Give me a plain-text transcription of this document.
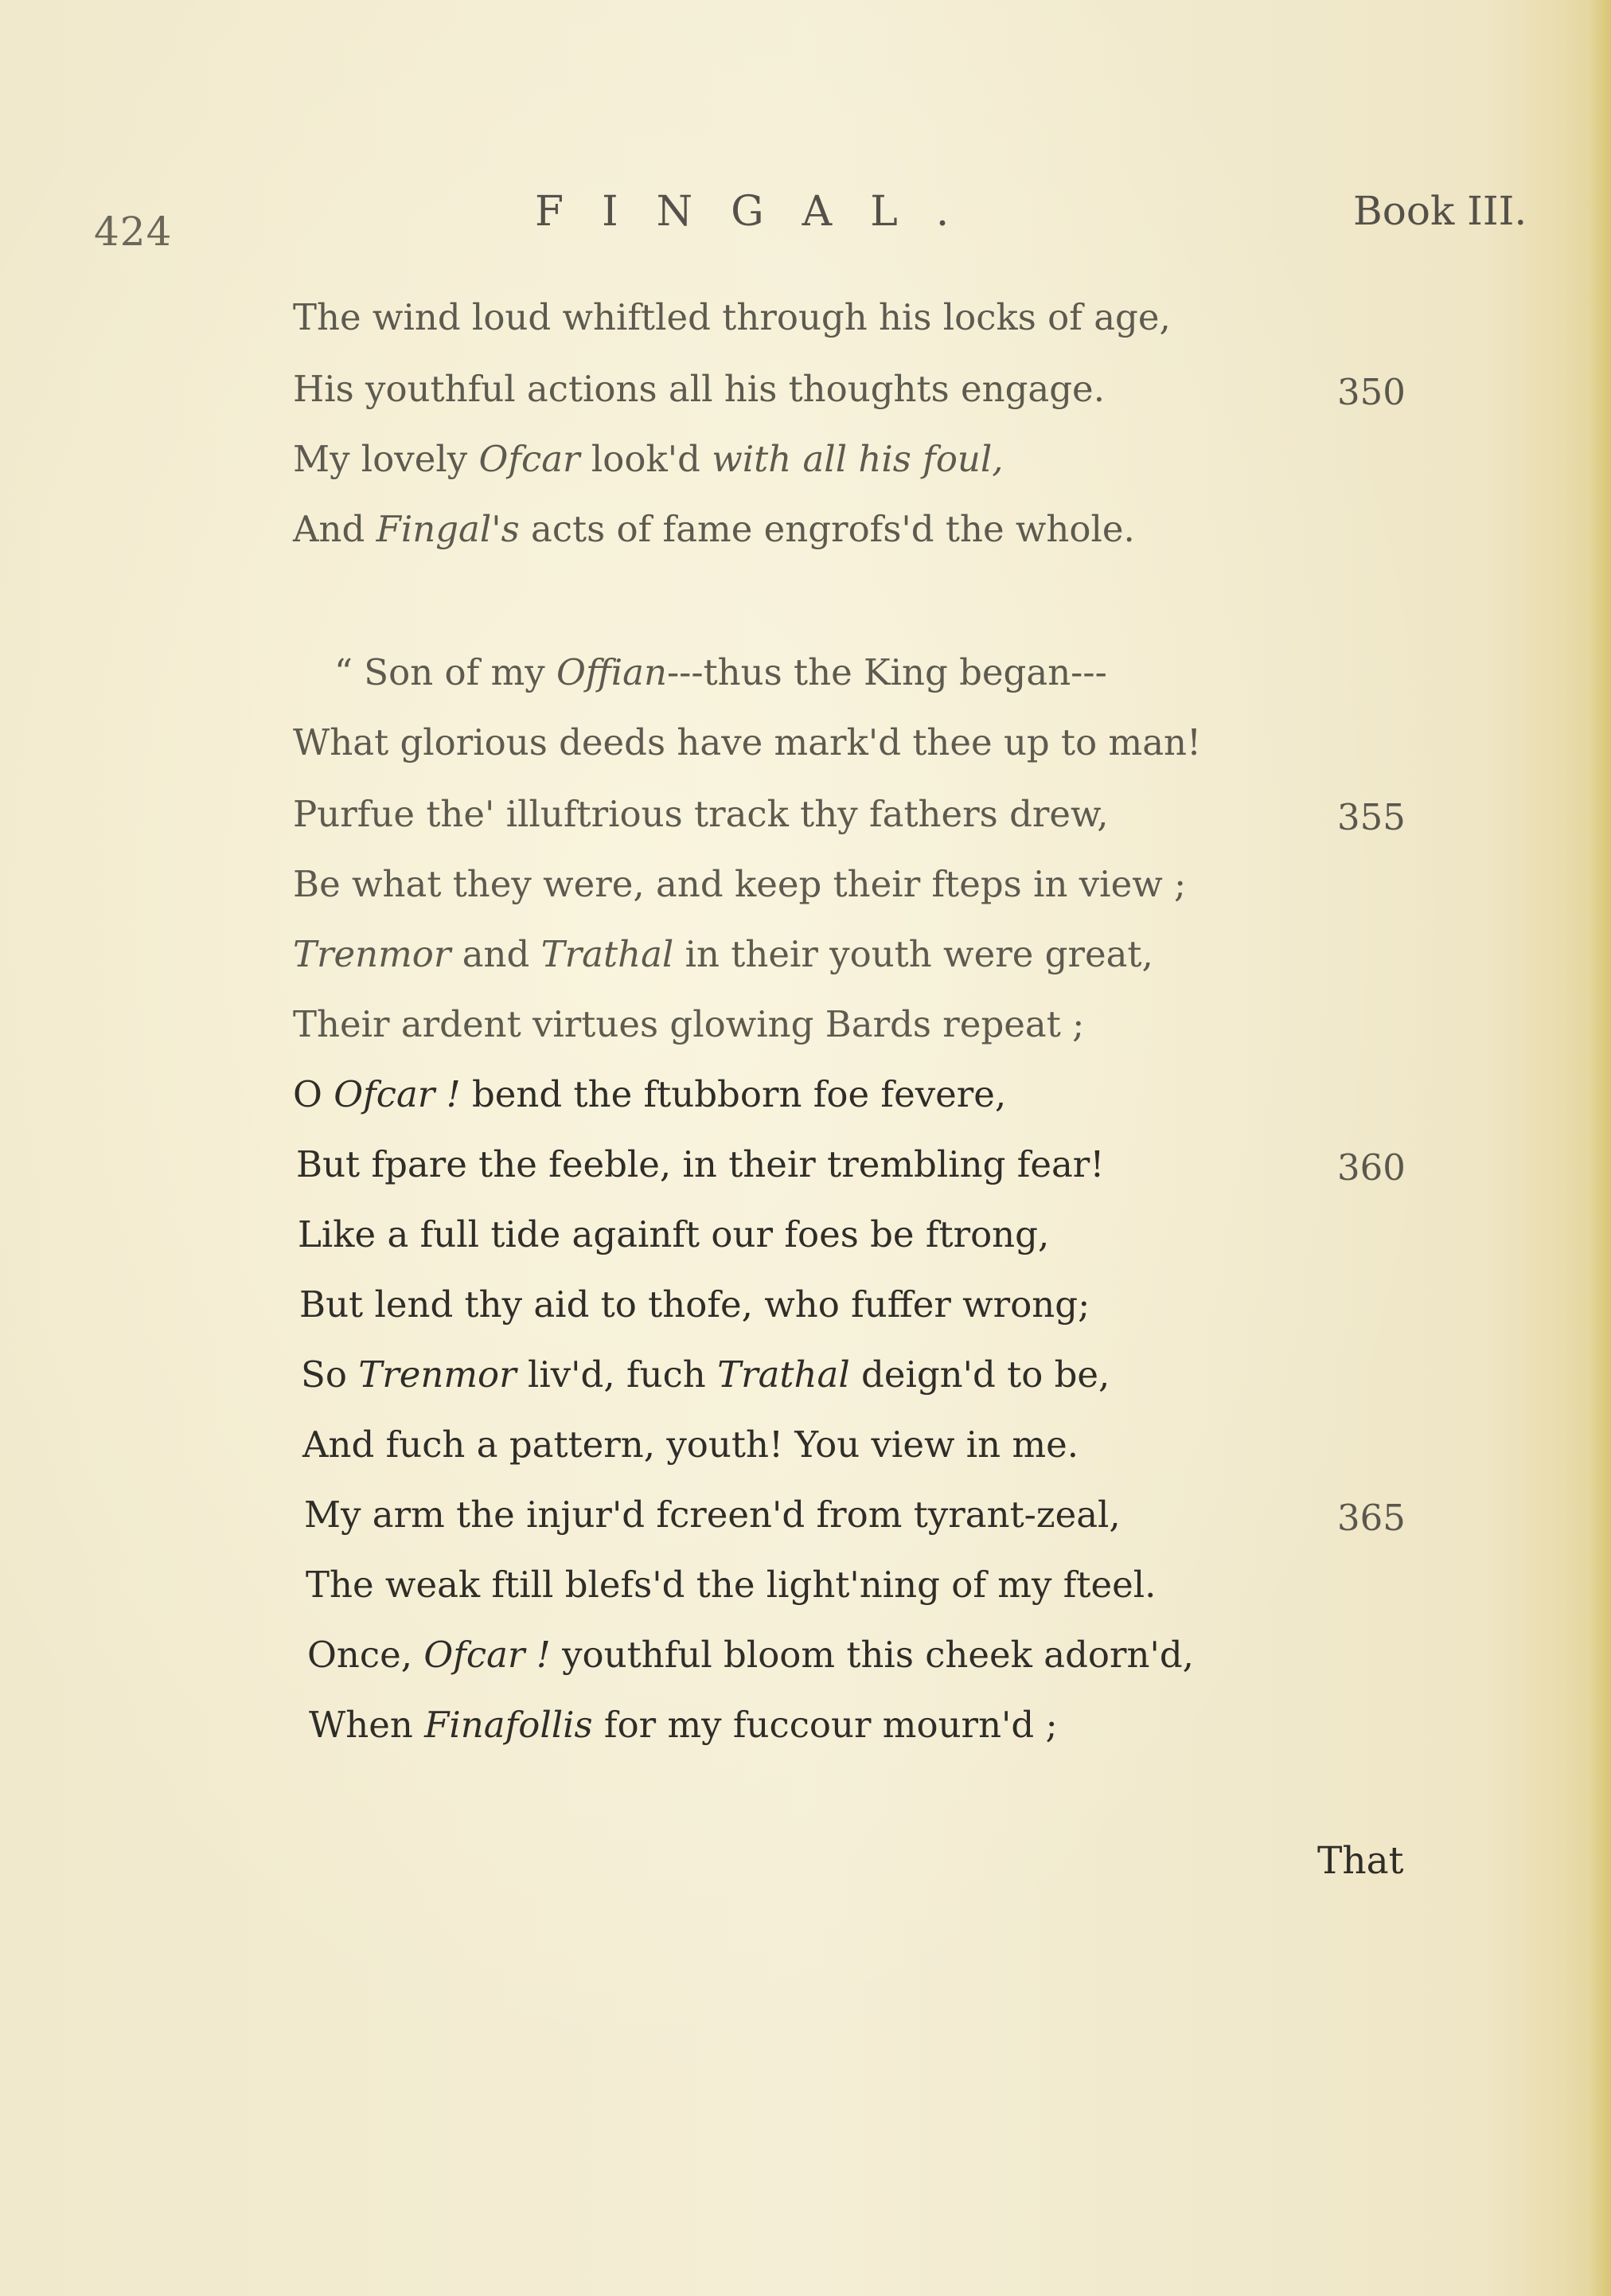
424	FINGAL.	Book III.
The wind loud whiftled through his locks of age,
His youthful actions all his thoughts engage.	350
My lovely Ofcar look'd with all his foul,
And Fingal's acts of fame engrofs'd the whole.
“ Son of my Offian---thus the King began---
What glorious deeds have mark'd thee up to man!
Purfue the' illuftrious track thy fathers drew,	355
Be what they were, and keep their fteps in view ;
Trenmor and Trathal in their youth were great,
Their ardent virtues glowing Bards repeat ;
O Ofcar ! bend the ftubborn foe fevere,
But fpare the feeble, in their trembling fear!	360
Like a full tide againft our foes be ftrong,
But lend thy aid to thofe, who fuffer wrong;
So Trenmor liv'd, fuch Trathal deign'd to be,
And fuch a pattern, youth! You view in me.
My arm the injur'd fcreen'd from tyrant-zeal,	365
The weak ftill blefs'd the light'ning of my fteel.
Once, Ofcar ! youthful bloom this cheek adorn'd,
When Finafollis for my fuccour mourn'd ;
That
